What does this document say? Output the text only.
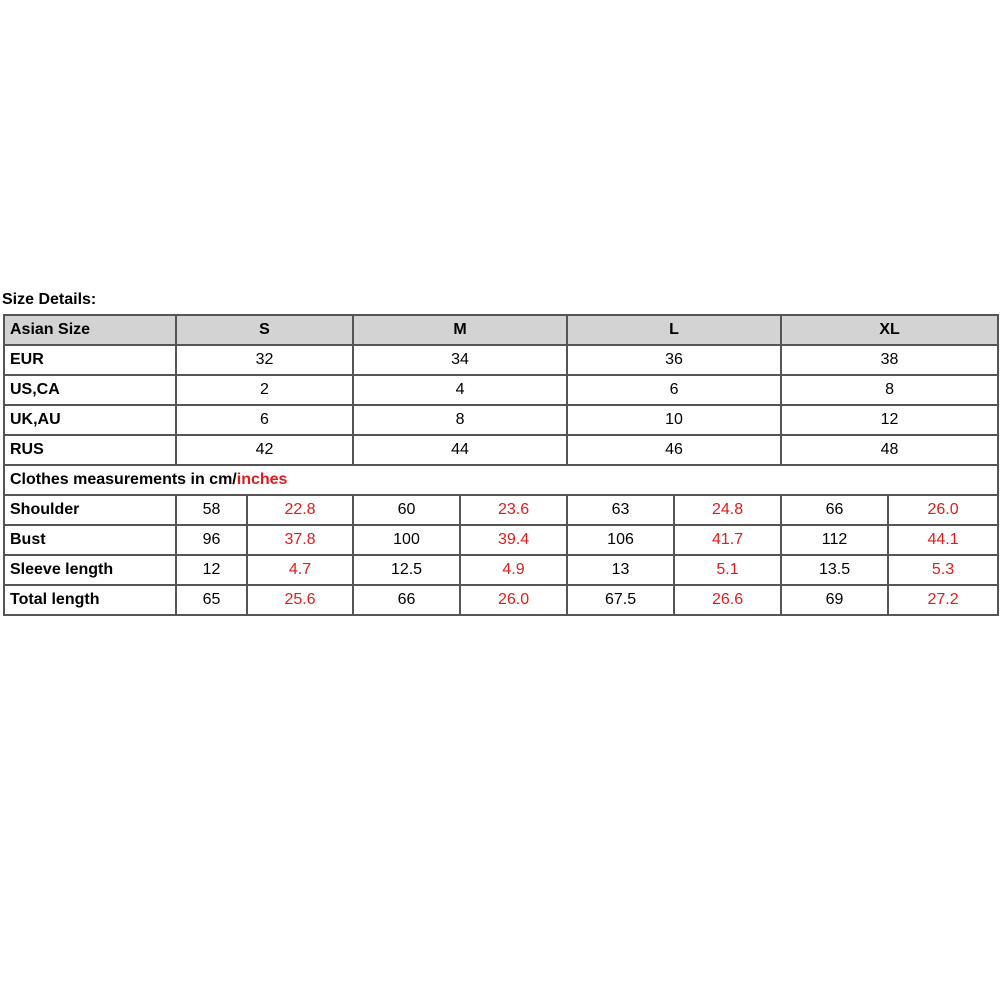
Size Details:
Asian Size	S		M		L		XL	
EUR	32		34		36		38	
US,CA	2		4		6		8	
UK,AU	6		8		10		12	
RUS	42		44		46		48	
Clothes measurements in cm/inches								
Shoulder	58	22.8	60	23.6	63	24.8	66	26.0
Bust	96	37.8	100	39.4	106	41.7	112	44.1
Sleeve length	12	4.7	12.5	4.9	13	5.1	13.5	5.3
Total length	65	25.6	66	26.0	67.5	26.6	69	27.2
